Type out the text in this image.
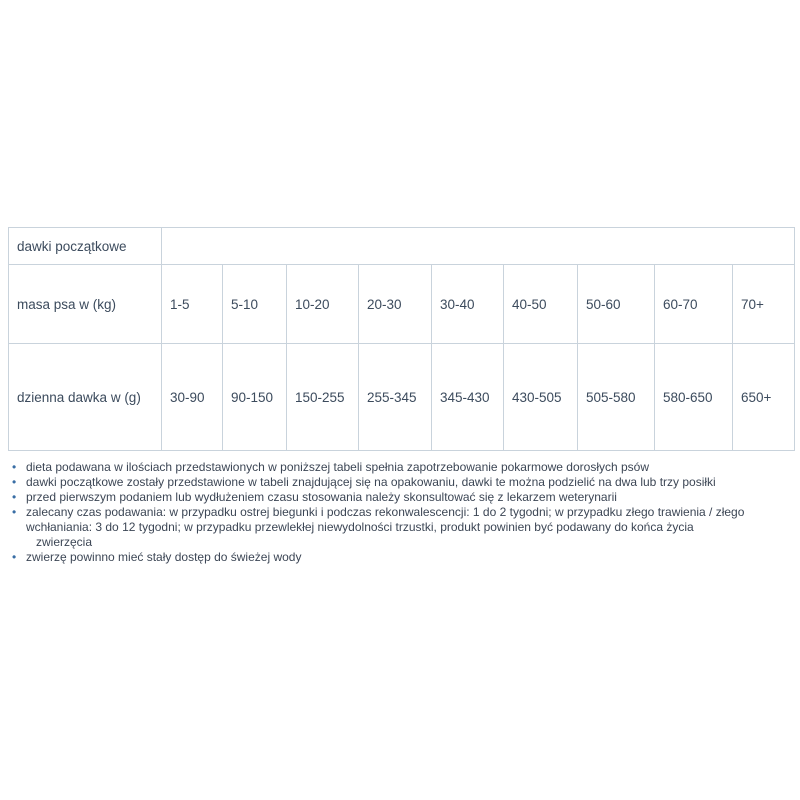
dawki początkowe									
masa psa w (kg)	1-5	5-10	10-20	20-30	30-40	40-50	50-60	60-70	70+
dzienna dawka w (g)	30-90	90-150	150-255	255-345	345-430	430-505	505-580	580-650	650+
• dieta podawana w ilościach przedstawionych w poniższej tabeli spełnia zapotrzebowanie pokarmowe dorosłych psów
• dawki początkowe zostały przedstawione w tabeli znajdującej się na opakowaniu, dawki te można podzielić na dwa lub trzy posiłki
• przed pierwszym podaniem lub wydłużeniem czasu stosowania należy skonsultować się z lekarzem weterynarii
• zalecany czas podawania: w przypadku ostrej biegunki i podczas rekonwalescencji: 1 do 2 tygodni; w przypadku złego trawienia / złego wchłaniania: 3 do 12 tygodni; w przypadku przewlekłej niewydolności trzustki, produkt powinien być podawany do końca życia
zwierzęcia
• zwierzę powinno mieć stały dostęp do świeżej wody
